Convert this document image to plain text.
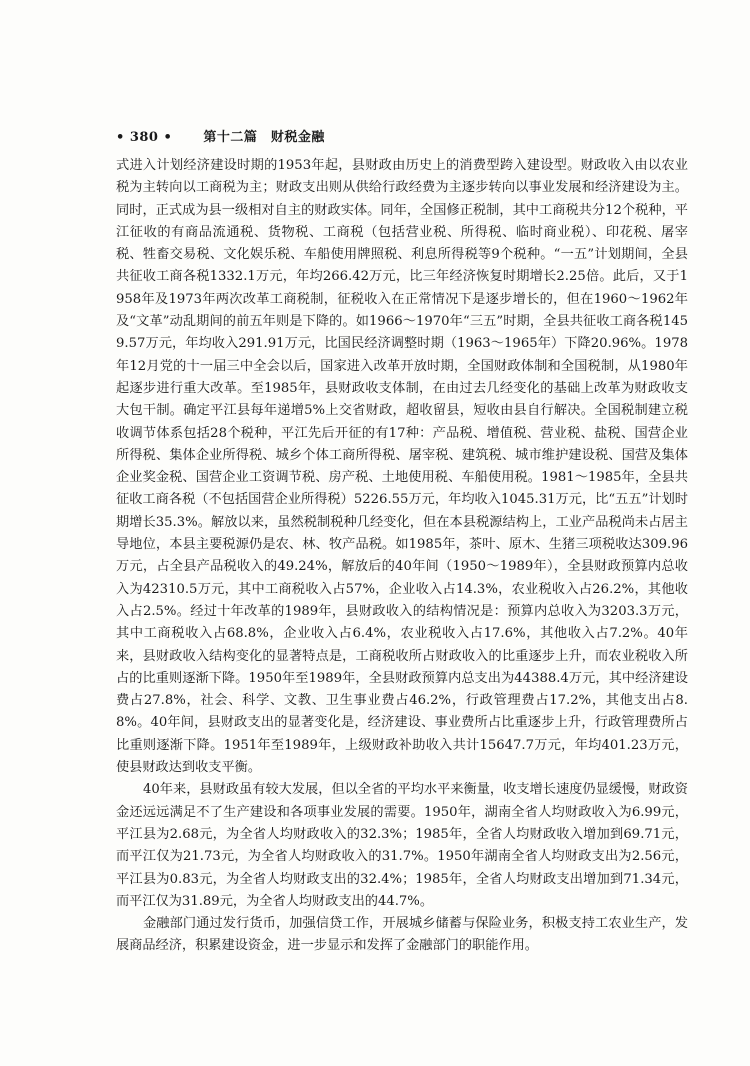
• 380 • 第十二篇　财税金融

式进入计划经济建设时期的1953年起，县财政由历史上的消费型跨入建设型。财政收入由以农业税为主转向以工商税为主；财政支出则从供给行政经费为主逐步转向以事业发展和经济建设为主。同时，正式成为县一级相对自主的财政实体。同年，全国修正税制，其中工商税共分12个税种，平江征收的有商品流通税、货物税、工商税（包括营业税、所得税、临时商业税）、印花税、屠宰税、牲畜交易税、文化娱乐税、车船使用牌照税、利息所得税等9个税种。“一五”计划期间，全县共征收工商各税1332.1万元，年均266.42万元，比三年经济恢复时期增长2.25倍。此后，又于1958年及1973年两次改革工商税制，征税收入在正常情况下是逐步增长的，但在1960～1962年及“文革”动乱期间的前五年则是下降的。如1966～1970年“三五”时期，全县共征收工商各税1459.57万元，年均收入291.91万元，比国民经济调整时期（1963～1965年）下降20.96%。1978年12月党的十一届三中全会以后，国家进入改革开放时期，全国财政体制和全国税制，从1980年起逐步进行重大改革。至1985年，县财政收支体制，在由过去几经变化的基础上改革为财政收支大包干制。确定平江县每年递增5%上交省财政，超收留县，短收由县自行解决。全国税制建立税收调节体系包括28个税种，平江先后开征的有17种：产品税、增值税、营业税、盐税、国营企业所得税、集体企业所得税、城乡个体工商所得税、屠宰税、建筑税、城市维护建设税、国营及集体企业奖金税、国营企业工资调节税、房产税、土地使用税、车船使用税。1981～1985年，全县共征收工商各税（不包括国营企业所得税）5226.55万元，年均收入1045.31万元，比“五五”计划时期增长35.3%。解放以来，虽然税制税种几经变化，但在本县税源结构上，工业产品税尚未占居主导地位，本县主要税源仍是农、林、牧产品税。如1985年，茶叶、原木、生猪三项税收达309.96万元，占全县产品税收入的49.24%，解放后的40年间（1950～1989年），全县财政预算内总收入为42310.5万元，其中工商税收入占57%，企业收入占14.3%，农业税收入占26.2%，其他收入占2.5%。经过十年改革的1989年，县财政收入的结构情况是：预算内总收入为3203.3万元，其中工商税收入占68.8%，企业收入占6.4%，农业税收入占17.6%，其他收入占7.2%。40年来，县财政收入结构变化的显著特点是，工商税收所占财政收入的比重逐步上升，而农业税收入所占的比重则逐渐下降。1950年至1989年，全县财政预算内总支出为44388.4万元，其中经济建设费占27.8%，社会、科学、文教、卫生事业费占46.2%，行政管理费占17.2%，其他支出占8.8%。40年间，县财政支出的显著变化是，经济建设、事业费所占比重逐步上升，行政管理费所占比重则逐渐下降。1951年至1989年，上级财政补助收入共计15647.7万元，年均401.23万元，使县财政达到收支平衡。

40年来，县财政虽有较大发展，但以全省的平均水平来衡量，收支增长速度仍显缓慢，财政资金还远远满足不了生产建设和各项事业发展的需要。1950年，湖南全省人均财政收入为6.99元，平江县为2.68元，为全省人均财政收入的32.3%；1985年，全省人均财政收入增加到69.71元，而平江仅为21.73元，为全省人均财政收入的31.7%。1950年湖南全省人均财政支出为2.56元，平江县为0.83元，为全省人均财政支出的32.4%；1985年，全省人均财政支出增加到71.34元，而平江仅为31.89元，为全省人均财政支出的44.7%。

金融部门通过发行货币，加强信贷工作，开展城乡储蓄与保险业务，积极支持工农业生产，发展商品经济，积累建设资金，进一步显示和发挥了金融部门的职能作用。
